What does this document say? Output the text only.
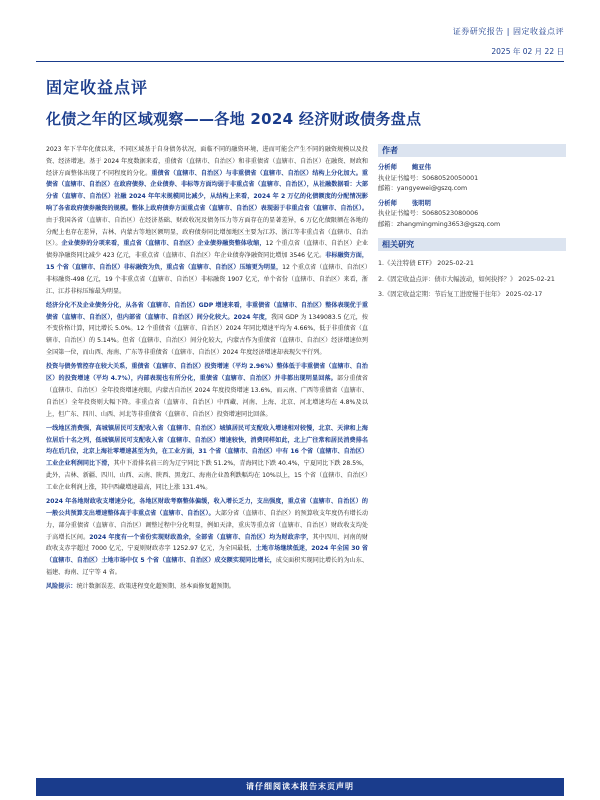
证券研究报告 | 固定收益点评
2025 年 02 月 22 日
固定收益点评
化债之年的区域观察——各地 2024 经济财政债务盘点

2023 年下半年化债以来，不同区域基于自身债务状况，面临不同的融资环境，进而可能会产生不同的融资规模以及投资、经济增速。基于 2024 年度数据来看，重债省（直辖市、自治区）和非重债省（直辖市、自治区）在融资、财政和经济方面整体出现了不同程度的分化。重债省（直辖市、自治区）与非重债省（直辖市、自治区）结构上分化加大。重债省（直辖市、自治区）在政府债券、企业债券、非标等方面均弱于非重点省（直辖市、自治区），从社融数据看：大部分省（直辖市、自治区）社融 2024 年年末规模同比减少，从结构上来看，2024 年 2 万亿的化债额度的分配情况影响了各省政府债券融资的规模。整体上政府债券方面重点省（直辖市、自治区）表现弱于非重点省（直辖市、自治区）。由于我国各省（直辖市、自治区）在经济基础、财政收况及债务压力等方面存在的显著差异，6 万亿化债限额在各地的分配上也存在差异，吉林、内蒙古等地区额明显，政府债券同比增加地区主要为江苏、浙江等非重点省（直辖市、自治区）。企业债券的分项来看，重点省（直辖市、自治区）企业债券融资整体收缩，12 个重点省（直辖市、自治区）企业债券净融资同比减少 423 亿元，非重点省（直辖市、自治区）年企业债券净融资同比增加 3546 亿元。非标融资方面，15 个省（直辖市、自治区）非标融资为负，重点省（直辖市、自治区）压缩更为明显，12 个重点省（直辖市、自治区）非标融资-498 亿元，19 个非重点省（直辖市、自治区）非标融资 1907 亿元，单个省份（直辖市、自治区）来看，浙江、江苏非标压缩最为明显。

经济分化不及企业债务分化，从各省（直辖市、自治区）GDP 增速来看，非重债省（直辖市、自治区）整体表现优于重债省（直辖市、自治区），但内部省（直辖市、自治区）间分化较大。2024 年度，我国 GDP 为 1349083.5 亿元，按不变价格计算，同比增长 5.0%。12 个重债省（直辖市、自治区）2024 年同比增速平均为 4.66%，低于非重债省（直辖市、自治区）的 5.14%。但省（直辖市、自治区）间分化较大，内蒙古作为重债省（直辖市、自治区）经济增速位列全国第一位，而山西、海南、广东等非重债省（直辖市、自治区）2024 年度经济增速却表现欠平行列。

投资与债务管控存在较大关系，重债省（直辖市、自治区）投资增速（平均 2.96%）整体低于非重债省（直辖市、自治区）的投资增速（平均 4.7%），内部表现也有所分化，重债省（直辖市、自治区）并非都出现明显回落。部分重债省（直辖市、自治区）全年投资增速亮眼，内蒙古自治区 2024 年度投资增速 13.6%，而云南、广西等重债省（直辖市、自治区）全年投资则大幅下降。非重点省（直辖市、自治区）中西藏、河南、上海、北京、河北增速均在 4.8%及以上，但广东、四川、山西、河北等非重债省（直辖市、自治区）投资增速同比回落。

一线地区消费强，高城镇居民可支配收入省（直辖市、自治区）城镇居民可支配收入增速相对较慢，北京、天津和上海位居后十名之列，低城镇居民可支配收入省（直辖市、自治区）增速较快，消费同样如此，北上广往常和居民消费排名均在后几位，北京上海社零增速甚至为负，在工业方面，31 个省（直辖市、自治区）中有 16 个省（直辖市、自治区）工业企业利润同比下滑，其中下滑排名前三的为辽宁同比下跌 51.2%，青海同比下跌 40.4%，宁夏同比下跌 28.5%，此外，吉林、新疆、四川、山西、云南、陕西、黑龙江、海南企业盈利跌幅均在 10%以上，15 个省（直辖市、自治区）工业企业利润上涨，其中西藏增速最高，同比上涨 131.4%。

2024 年各地财政收支增速分化，各地区财政考察整体偏缓，收入增长乏力，支出强度，重点省（直辖市、自治区）的一般公共预算支出增速整体高于非重点省（直辖市、自治区）。大部分省（直辖市、自治区）的预算收支年度仍有增长动力，部分重债省（直辖市、自治区）调整过程中分化明显，例如天津，重庆等重点省（直辖市、自治区）财政收支均处于高增长区间。2024 年度有一个省份实现财政盈余，全部省（直辖市、自治区）均为财政赤字，其中四川、河南的财政收支赤字超过 7000 亿元，宁夏则财政赤字 1252.97 亿元，为全国最低，土地市场继续低迷，2024 年全国 30 省（直辖市、自治区）土地市场中仅 5 个省（直辖市、自治区）成交额实现同比增长，成交面积实现同比增长的为山东、福建、海南、辽宁等 4 省。

风险提示：统计数据误差、政策进程变化超预期、基本面修复超预期。

作者
分析师	鲍亚伟
执业证书编号：S0680520050001
邮箱：yangyewei@gszq.com
分析师	张明明
执业证书编号：S0680523080006
邮箱：zhangmingming3653@gszq.com
相关研究
1.《关注特债 ETF》 2025-02-21
2.《固定收益点评：债市大幅波动，如何抉择？》 2025-02-21
3.《固定收益定期：节后复工进度慢于往年》 2025-02-17
请仔细阅读本报告末页声明
